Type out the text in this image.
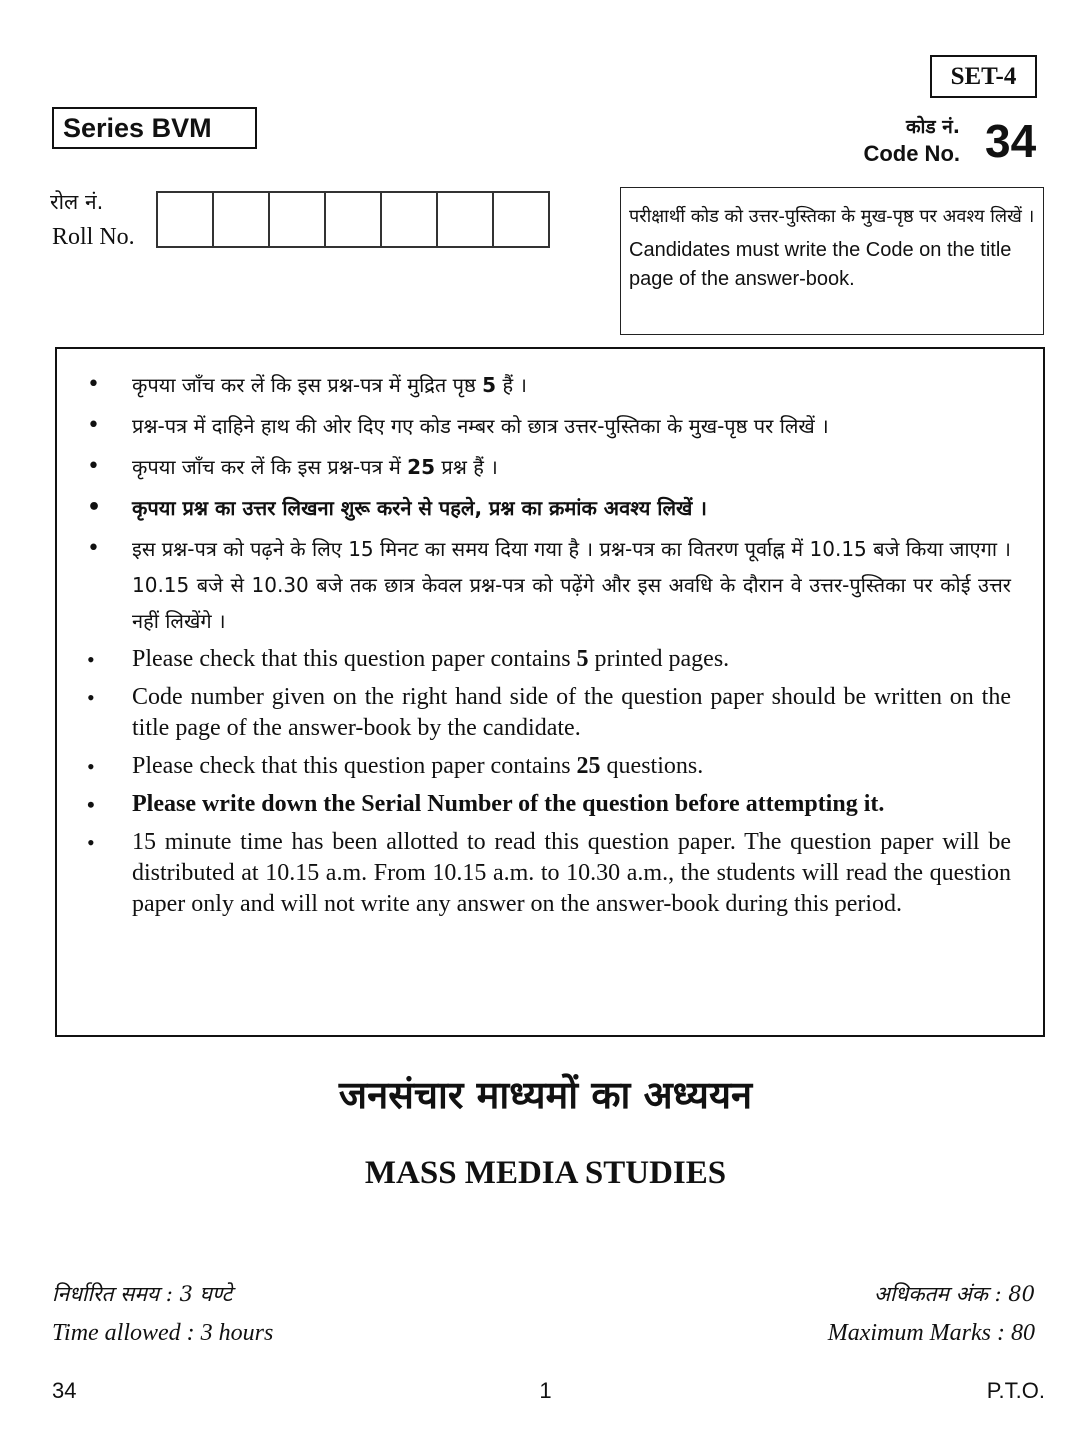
SET-4
Series BVM	कोड नं.
Code No. 34
रोल नं.
Roll No.
परीक्षार्थी कोड को उत्तर-पुस्तिका के मुख-पृष्ठ पर अवश्य लिखें ।
Candidates must write the Code on the title page of the answer-book.
• कृपया जाँच कर लें कि इस प्रश्न-पत्र में मुद्रित पृष्ठ 5 हैं ।
• प्रश्न-पत्र में दाहिने हाथ की ओर दिए गए कोड नम्बर को छात्र उत्तर-पुस्तिका के मुख-पृष्ठ पर लिखें ।
• कृपया जाँच कर लें कि इस प्रश्न-पत्र में 25 प्रश्न हैं ।
• कृपया प्रश्न का उत्तर लिखना शुरू करने से पहले, प्रश्न का क्रमांक अवश्य लिखें ।
• इस प्रश्न-पत्र को पढ़ने के लिए 15 मिनट का समय दिया गया है । प्रश्न-पत्र का वितरण पूर्वाह्न में 10.15 बजे किया जाएगा । 10.15 बजे से 10.30 बजे तक छात्र केवल प्रश्न-पत्र को पढ़ेंगे और इस अवधि के दौरान वे उत्तर-पुस्तिका पर कोई उत्तर नहीं लिखेंगे ।
• Please check that this question paper contains 5 printed pages.
• Code number given on the right hand side of the question paper should be written on the title page of the answer-book by the candidate.
• Please check that this question paper contains 25 questions.
• Please write down the Serial Number of the question before attempting it.
• 15 minute time has been allotted to read this question paper. The question paper will be distributed at 10.15 a.m. From 10.15 a.m. to 10.30 a.m., the students will read the question paper only and will not write any answer on the answer-book during this period.
जनसंचार माध्यमों का अध्ययन
MASS MEDIA STUDIES
निर्धारित समय : 3 घण्टे
Time allowed : 3 hours
अधिकतम अंक : 80
Maximum Marks : 80
34	1	P.T.O.
